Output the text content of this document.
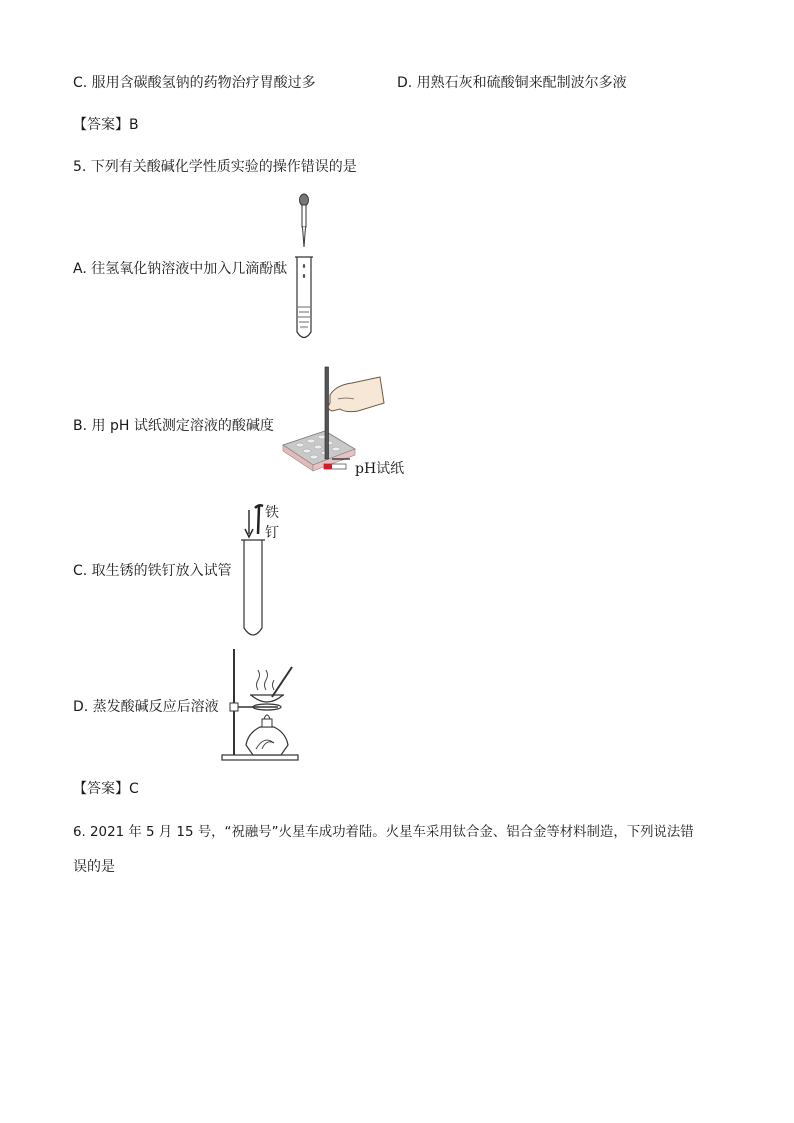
C. 服用含碳酸氢钠的药物治疗胃酸过多	D. 用熟石灰和硫酸铜来配制波尔多液
【答案】B
5. 下列有关酸碱化学性质实验的操作错误的是
A. 往氢氧化钠溶液中加入几滴酚酞
pH试纸
B. 用 pH 试纸测定溶液的酸碱度
铁
钉
C. 取生锈的铁钉放入试管
D. 蒸发酸碱反应后溶液
【答案】C
6. 2021 年 5 月 15 号，“祝融号”火星车成功着陆。火星车采用钛合金、铝合金等材料制造，下列说法错
误的是
